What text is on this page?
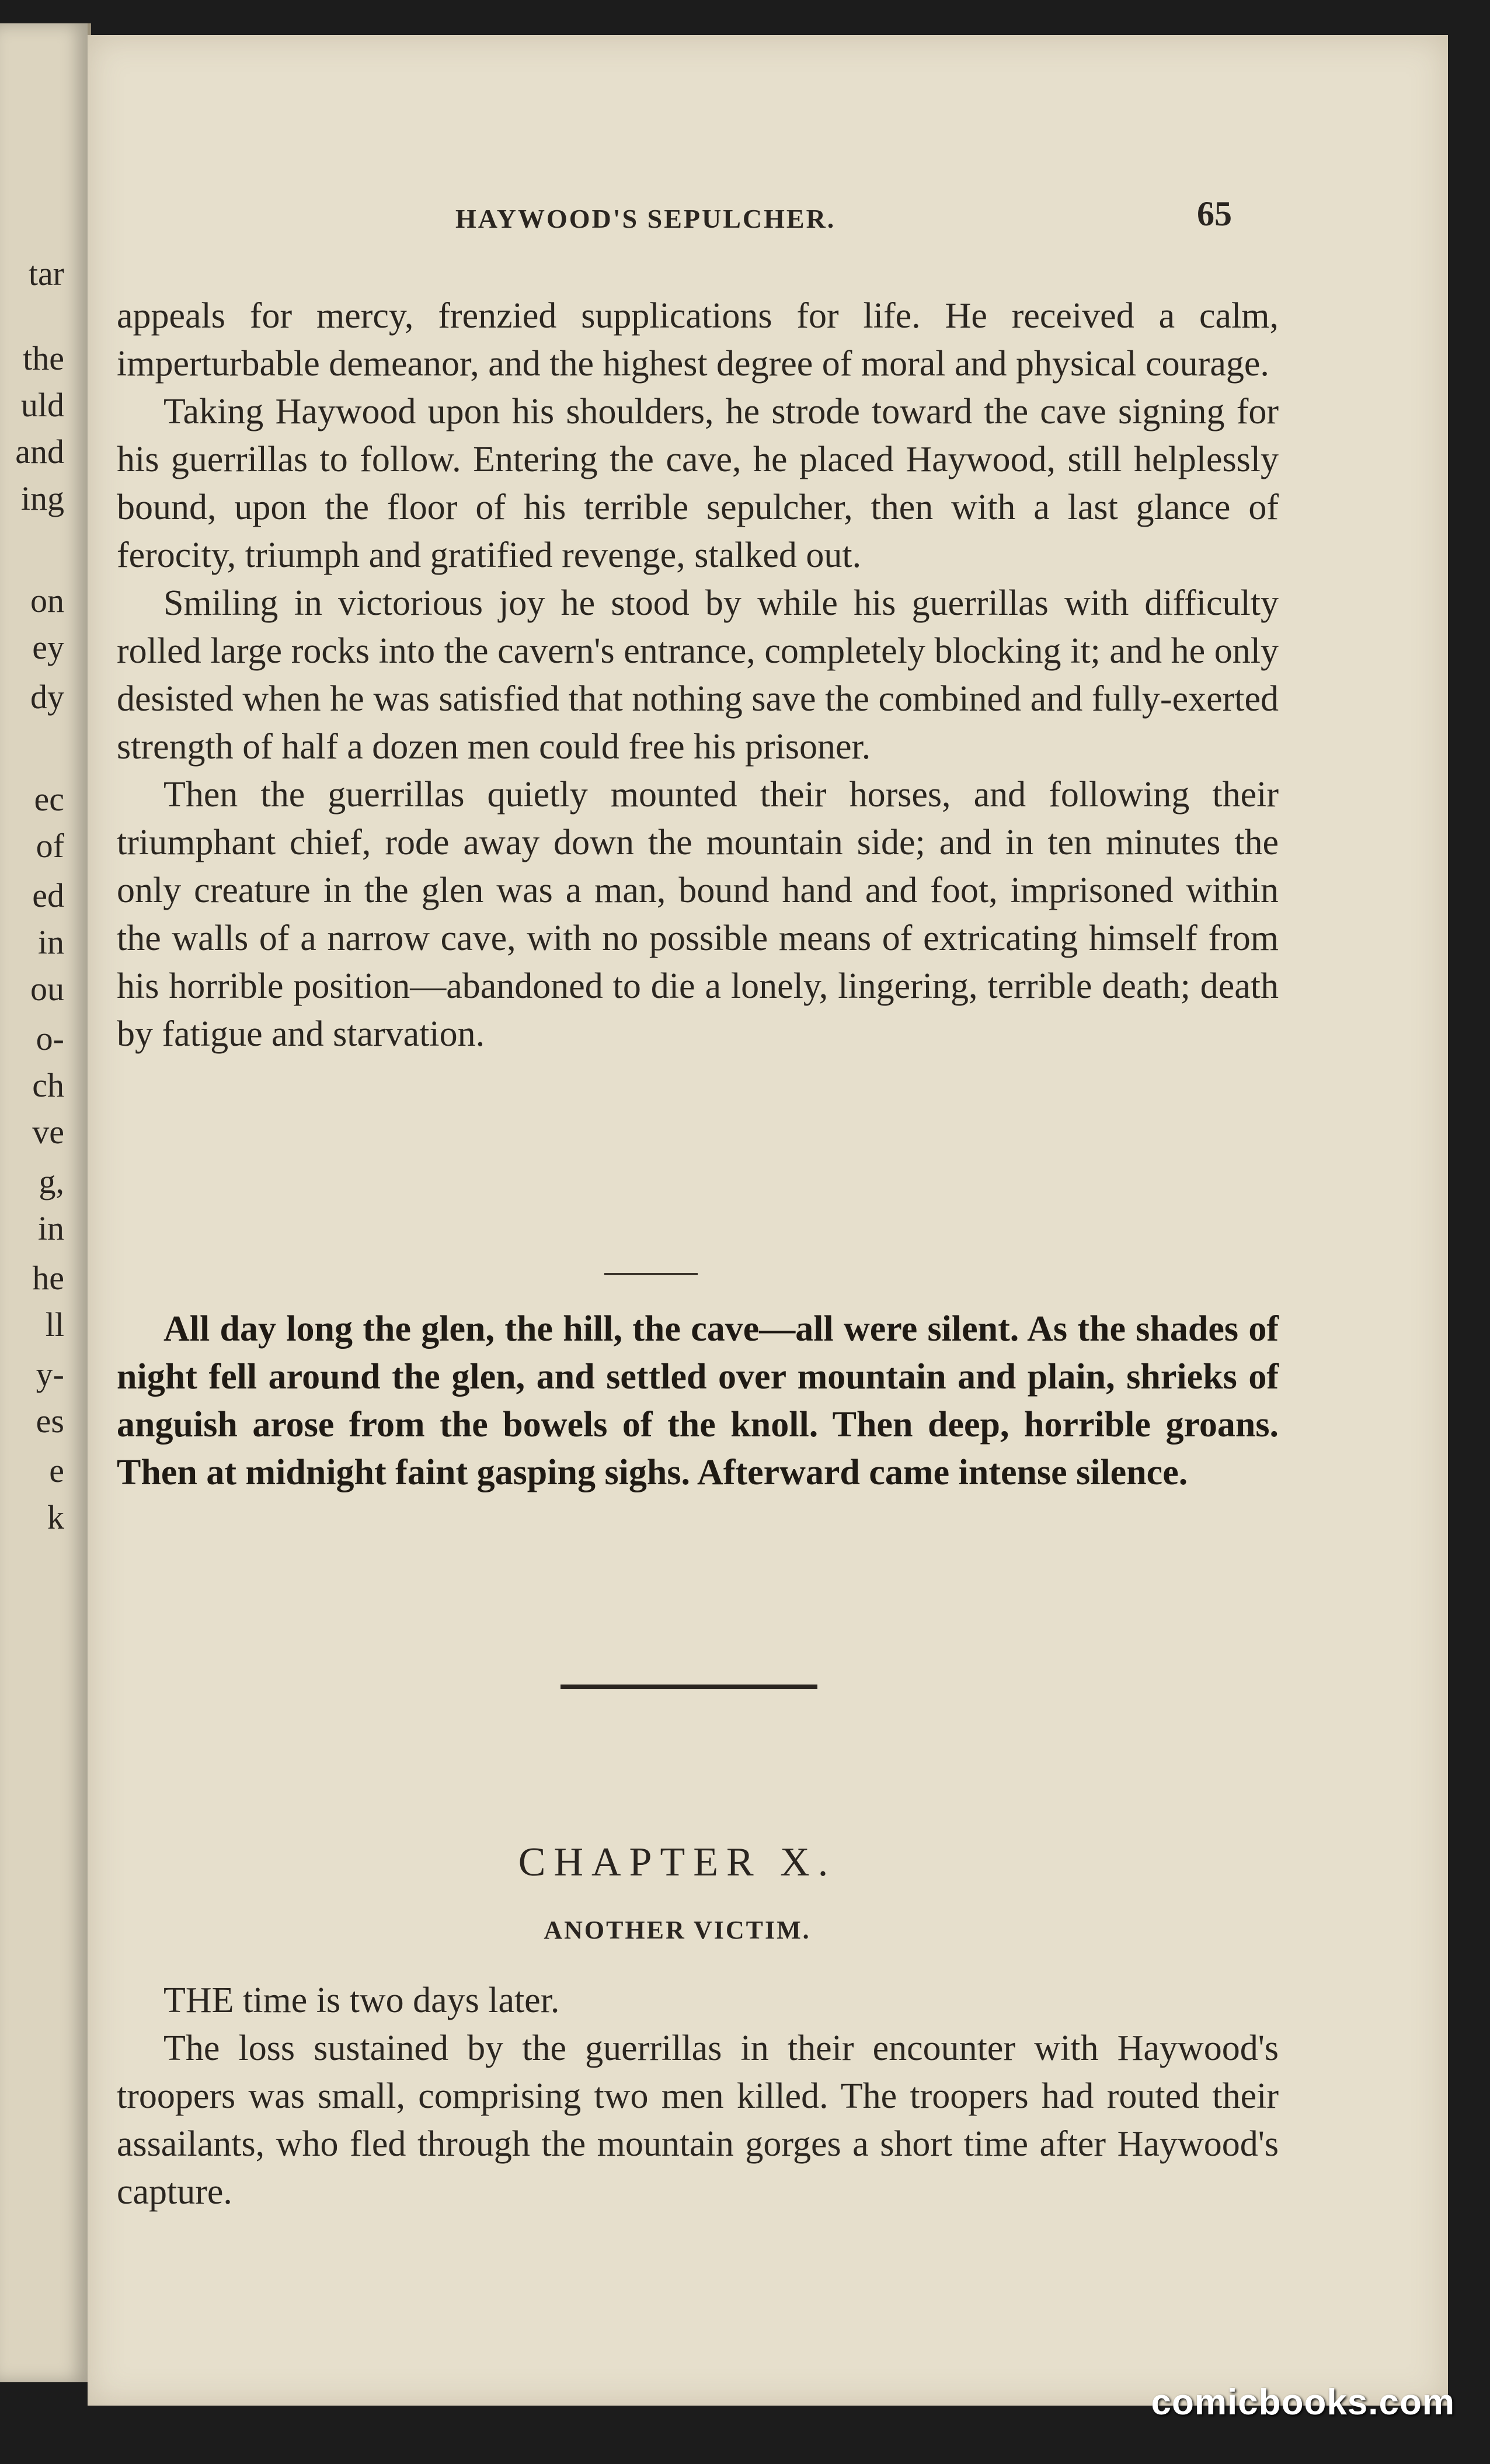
tar
the
uld
and
ing
on
ey
dy
ec
of
ed
in
ou
o-
ch
ve
g,
in
he
ll
y-
es
e
k
HAYWOOD'S SEPULCHER.	65

appeals for mercy, frenzied supplications for life. He received a calm, imperturbable demeanor, and the highest degree of moral and physical courage.

Taking Haywood upon his shoulders, he strode toward the cave signing for his guerrillas to follow. Entering the cave, he placed Haywood, still helplessly bound, upon the floor of his terrible sepulcher, then with a last glance of ferocity, triumph and gratified revenge, stalked out.

Smiling in victorious joy he stood by while his guerrillas with difficulty rolled large rocks into the cavern's entrance, completely blocking it; and he only desisted when he was satisfied that nothing save the combined and fully-exerted strength of half a dozen men could free his prisoner.

Then the guerrillas quietly mounted their horses, and following their triumphant chief, rode away down the mountain side; and in ten minutes the only creature in the glen was a man, bound hand and foot, imprisoned within the walls of a narrow cave, with no possible means of extricating himself from his horrible position—abandoned to die a lonely, lingering, terrible death; death by fatigue and starvation.

All day long the glen, the hill, the cave—all were silent. As the shades of night fell around the glen, and settled over mountain and plain, shrieks of anguish arose from the bowels of the knoll. Then deep, horrible groans. Then at midnight faint gasping sighs. Afterward came intense silence.

CHAPTER X.
ANOTHER VICTIM.

THE time is two days later.

The loss sustained by the guerrillas in their encounter with Haywood's troopers was small, comprising two men killed. The troopers had routed their assailants, who fled through the mountain gorges a short time after Haywood's capture.

comicbooks.com
